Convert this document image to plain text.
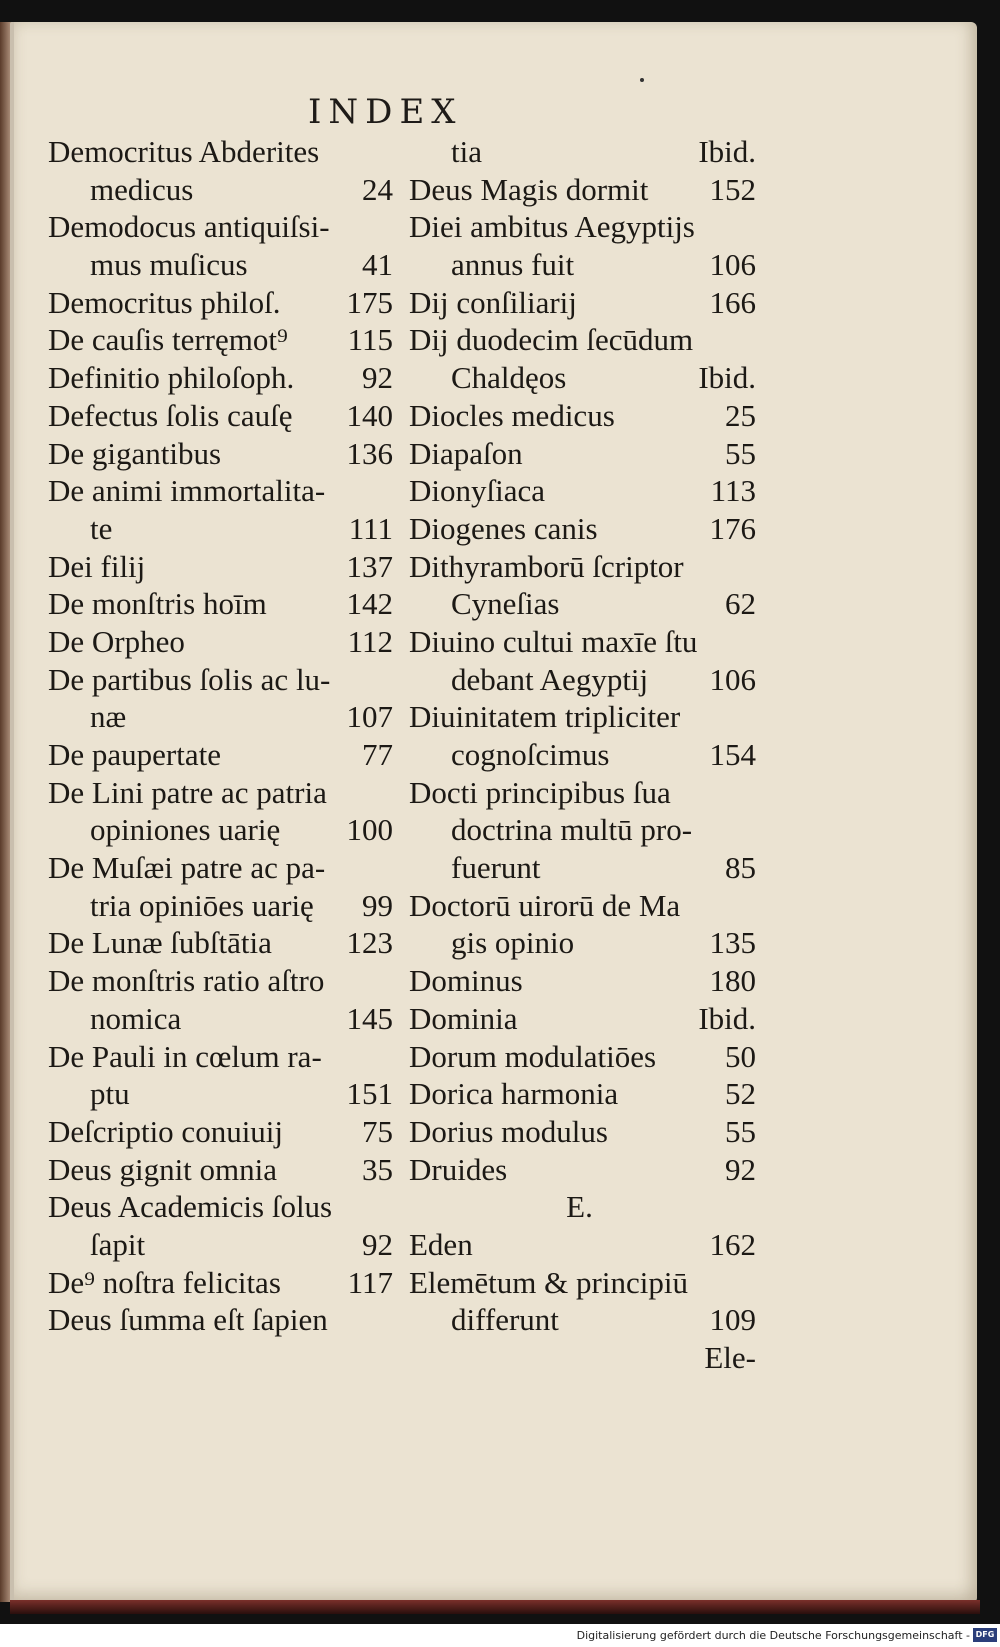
INDEX
Democritus Abderites
medicus	24
Demodocus antiquiſsi-
mus muſicus	41
Democritus philoſ. 175
De cauſis terręmot⁹ 115
Definitio philoſoph. 92
Defectus ſolis cauſę 140
De gigantibus	136
De animi immortalita-
te	111
Dei filij	137
De monſtris hoīm	142
De Orpheo	112
De partibus ſolis ac lu-
næ	107
De paupertate	77
De Lini patre ac patria
opiniones uarię 100
De Muſæi patre ac pa-
tria opiniōes uarię 99
De Lunæ ſubſtātia 123
De monſtris ratio aſtro
nomica	145
De Pauli in cœlum ra-
ptu	151
Deſcriptio conuiuij	75
Deus gignit omnia	35
Deus Academicis ſolus
ſapit	92
De⁹ noſtra felicitas 117
Deus ſumma eſt ſapien
tia	Ibid.
Deus Magis dormit 152
Diei ambitus Aegyptijs
annus fuit	106
Dij conſiliarij	166
Dij duodecim ſecūdum
Chaldęos	Ibid.
Diocles medicus	25
Diapaſon	55
Dionyſiaca	113
Diogenes canis	176
Dithyramborū ſcriptor
Cyneſias	62
Diuino cultui maxīe ſtu
debant Aegyptij 106
Diuinitatem tripliciter
cognoſcimus	154
Docti principibus ſua
doctrina multū pro-
fuerunt	85
Doctorū uirorū de Ma
gis opinio	135
Dominus	180
Dominia	Ibid.
Dorum modulatiōes 50
Dorica harmonia	52
Dorius modulus	55
Druides	92
E.
Eden	162
Elemētum & principiū
differunt	109
Ele-
Digitalisierung gefördert durch die Deutsche Forschungsgemeinschaft - DFG
